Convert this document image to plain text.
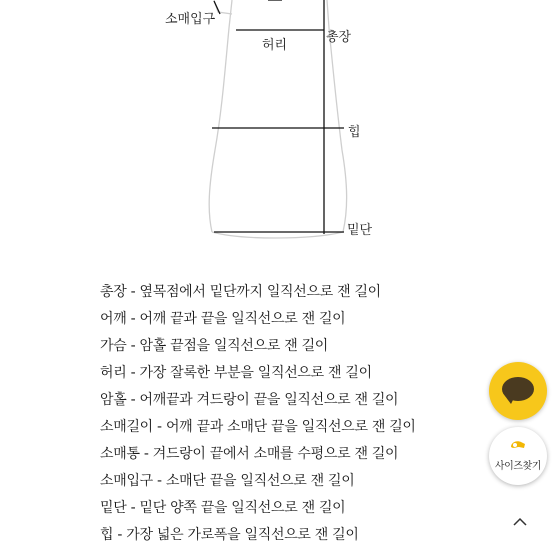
소매입구
허리
총장
힙
밑단
총장 - 옆목점에서 밑단까지 일직선으로 잰 길이
어깨 - 어깨 끝과 끝을 일직선으로 잰 길이
가슴 - 암홀 끝점을 일직선으로 잰 길이
허리 - 가장 잘록한 부분을 일직선으로 잰 길이
암홀 - 어깨끝과 겨드랑이 끝을 일직선으로 잰 길이
소매길이 - 어깨 끝과 소매단 끝을 일직선으로 잰 길이
소매통 - 겨드랑이 끝에서 소매를 수평으로 잰 길이
소매입구 - 소매단 끝을 일직선으로 잰 길이
밑단 - 밑단 양쪽 끝을 일직선으로 잰 길이
힙 - 가장 넓은 가로폭을 일직선으로 잰 길이
사이즈찾기
